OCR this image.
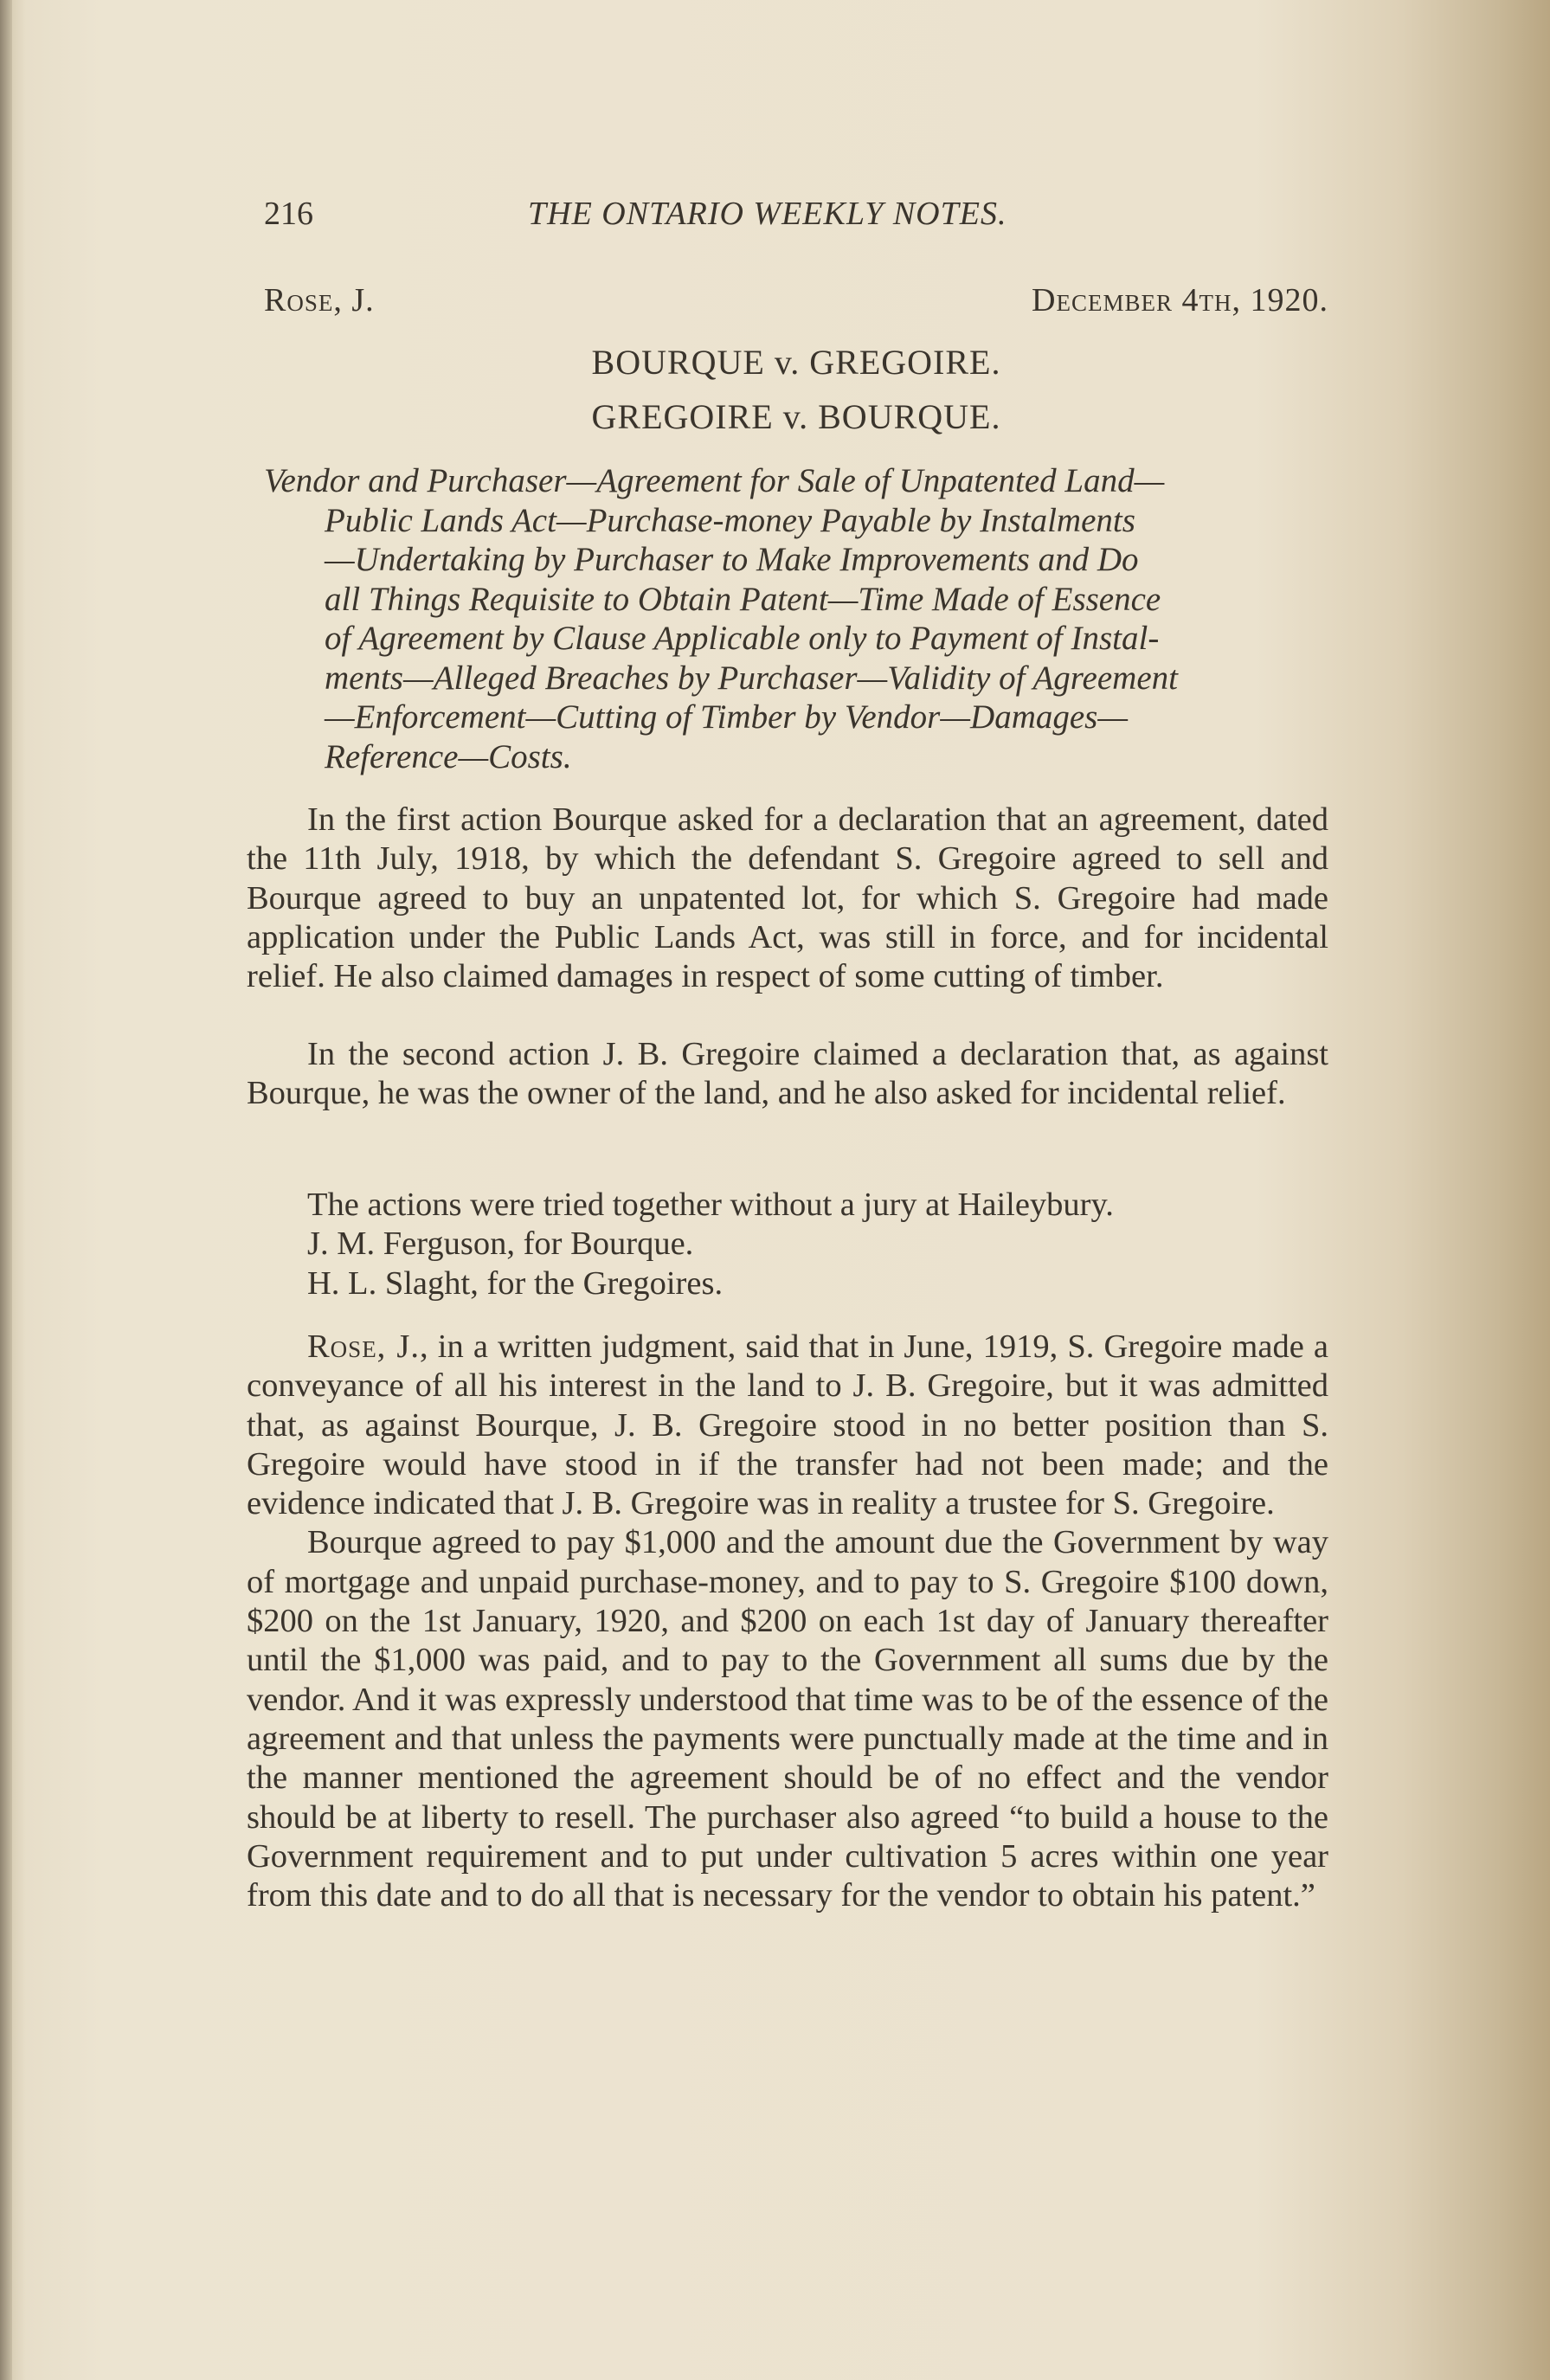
216	THE ONTARIO WEEKLY NOTES.
Rose, J.	December 4th, 1920.
BOURQUE v. GREGOIRE.
GREGOIRE v. BOURQUE.
Vendor and Purchaser—Agreement for Sale of Unpatented Land—
Public Lands Act—Purchase-money Payable by Instalments
—Undertaking by Purchaser to Make Improvements and Do
all Things Requisite to Obtain Patent—Time Made of Essence
of Agreement by Clause Applicable only to Payment of Instal-
ments—Alleged Breaches by Purchaser—Validity of Agreement
—Enforcement—Cutting of Timber by Vendor—Damages—
Reference—Costs.

In the first action Bourque asked for a declaration that an agreement, dated the 11th July, 1918, by which the defendant S. Gregoire agreed to sell and Bourque agreed to buy an unpatented lot, for which S. Gregoire had made application under the Public Lands Act, was still in force, and for incidental relief. He also claimed damages in respect of some cutting of timber.

In the second action J. B. Gregoire claimed a declaration that, as against Bourque, he was the owner of the land, and he also asked for incidental relief.

The actions were tried together without a jury at Haileybury.

J. M. Ferguson, for Bourque.

H. L. Slaght, for the Gregoires.

Rose, J., in a written judgment, said that in June, 1919, S. Gregoire made a conveyance of all his interest in the land to J. B. Gregoire, but it was admitted that, as against Bourque, J. B. Gregoire stood in no better position than S. Gregoire would have stood in if the transfer had not been made; and the evidence indicated that J. B. Gregoire was in reality a trustee for S. Gregoire.

Bourque agreed to pay $1,000 and the amount due the Government by way of mortgage and unpaid purchase-money, and to pay to S. Gregoire $100 down, $200 on the 1st January, 1920, and $200 on each 1st day of January thereafter until the $1,000 was paid, and to pay to the Government all sums due by the vendor. And it was expressly understood that time was to be of the essence of the agreement and that unless the payments were punctually made at the time and in the manner mentioned the agreement should be of no effect and the vendor should be at liberty to resell. The purchaser also agreed “to build a house to the Government requirement and to put under cultivation 5 acres within one year from this date and to do all that is necessary for the vendor to obtain his patent.”
